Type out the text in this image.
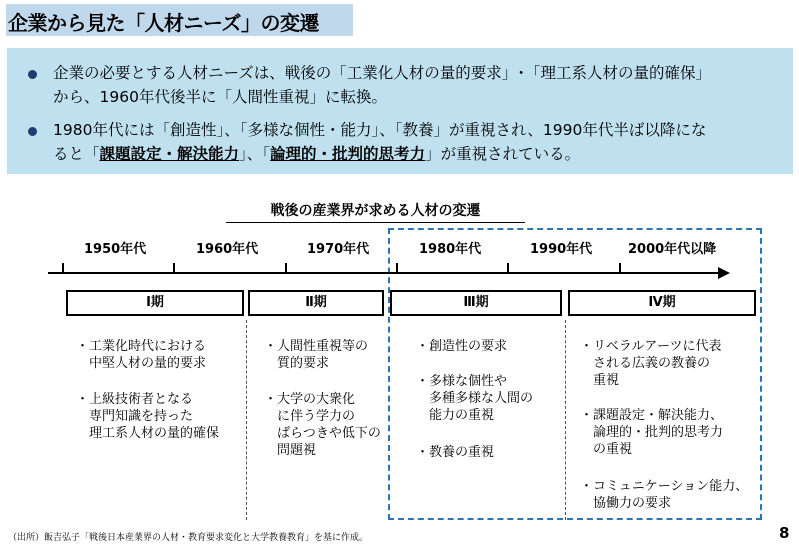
企業から見た「人材ニーズ」の変遷
企業の必要とする人材ニーズは、戦後の「工業化人材の量的要求」･「理工系人材の量的確保」
から、1960年代後半に「人間性重視」に転換。
1980年代には「創造性」、「多様な個性・能力」、「教養」が重視され、1990年代半ば以降にな
ると「課題設定・解決能力」、「論理的・批判的思考力」が重視されている。
戦後の産業界が求める人材の変遷
1950年代	1960年代	1970年代	1980年代	1990年代	2000年代以降
Ⅰ期	Ⅱ期	Ⅲ期	Ⅳ期
・工業化時代における
　中堅人材の量的要求
・上級技術者となる
　専門知識を持った
　理工系人材の量的確保
・人間性重視等の
　質的要求
・大学の大衆化
　に伴う学力の
　ばらつきや低下の
　問題視
・創造性の要求
・多様な個性や
　多種多様な人間の
　能力の重視
・教養の重視
・リベラルアーツに代表
　される広義の教養の
　重視
・課題設定・解決能力、
　論理的・批判的思考力
　の重視
・コミュニケーション能力、
　協働力の要求
（出所）飯吉弘子「戦後日本産業界の人材・教育要求変化と大学教養教育」を基に作成。	8
